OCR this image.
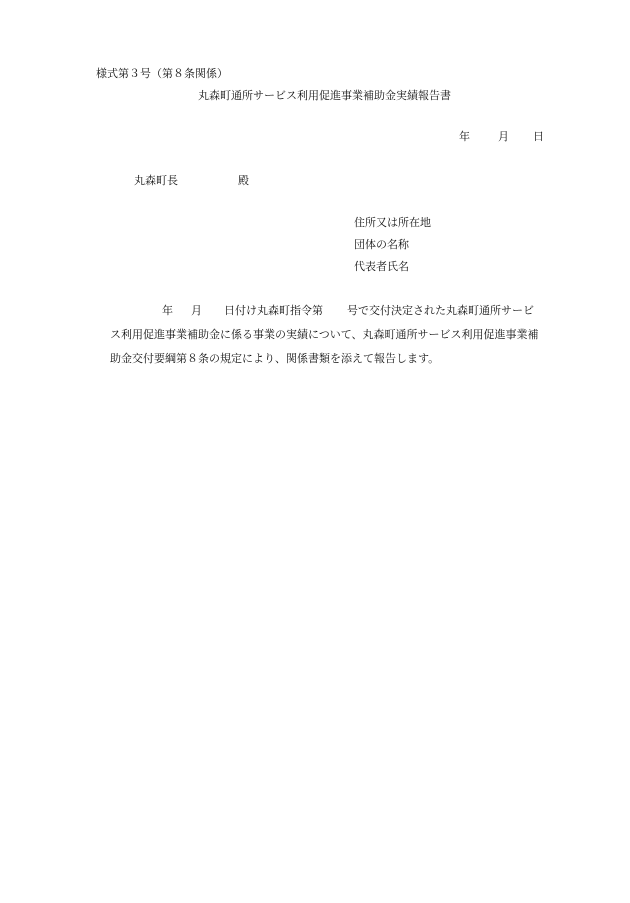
様式第３号（第８条関係）
丸森町通所サービス利用促進事業補助金実績報告書
年	月 日
丸森町長	殿
住所又は所在地
団体の名称
代表者氏名
年 月 日付け丸森町指令第 号で交付決定された丸森町通所サービ
ス利用促進事業補助金に係る事業の実績について、丸森町通所サービス利用促進事業補
助金交付要綱第８条の規定により、関係書類を添えて報告します。
